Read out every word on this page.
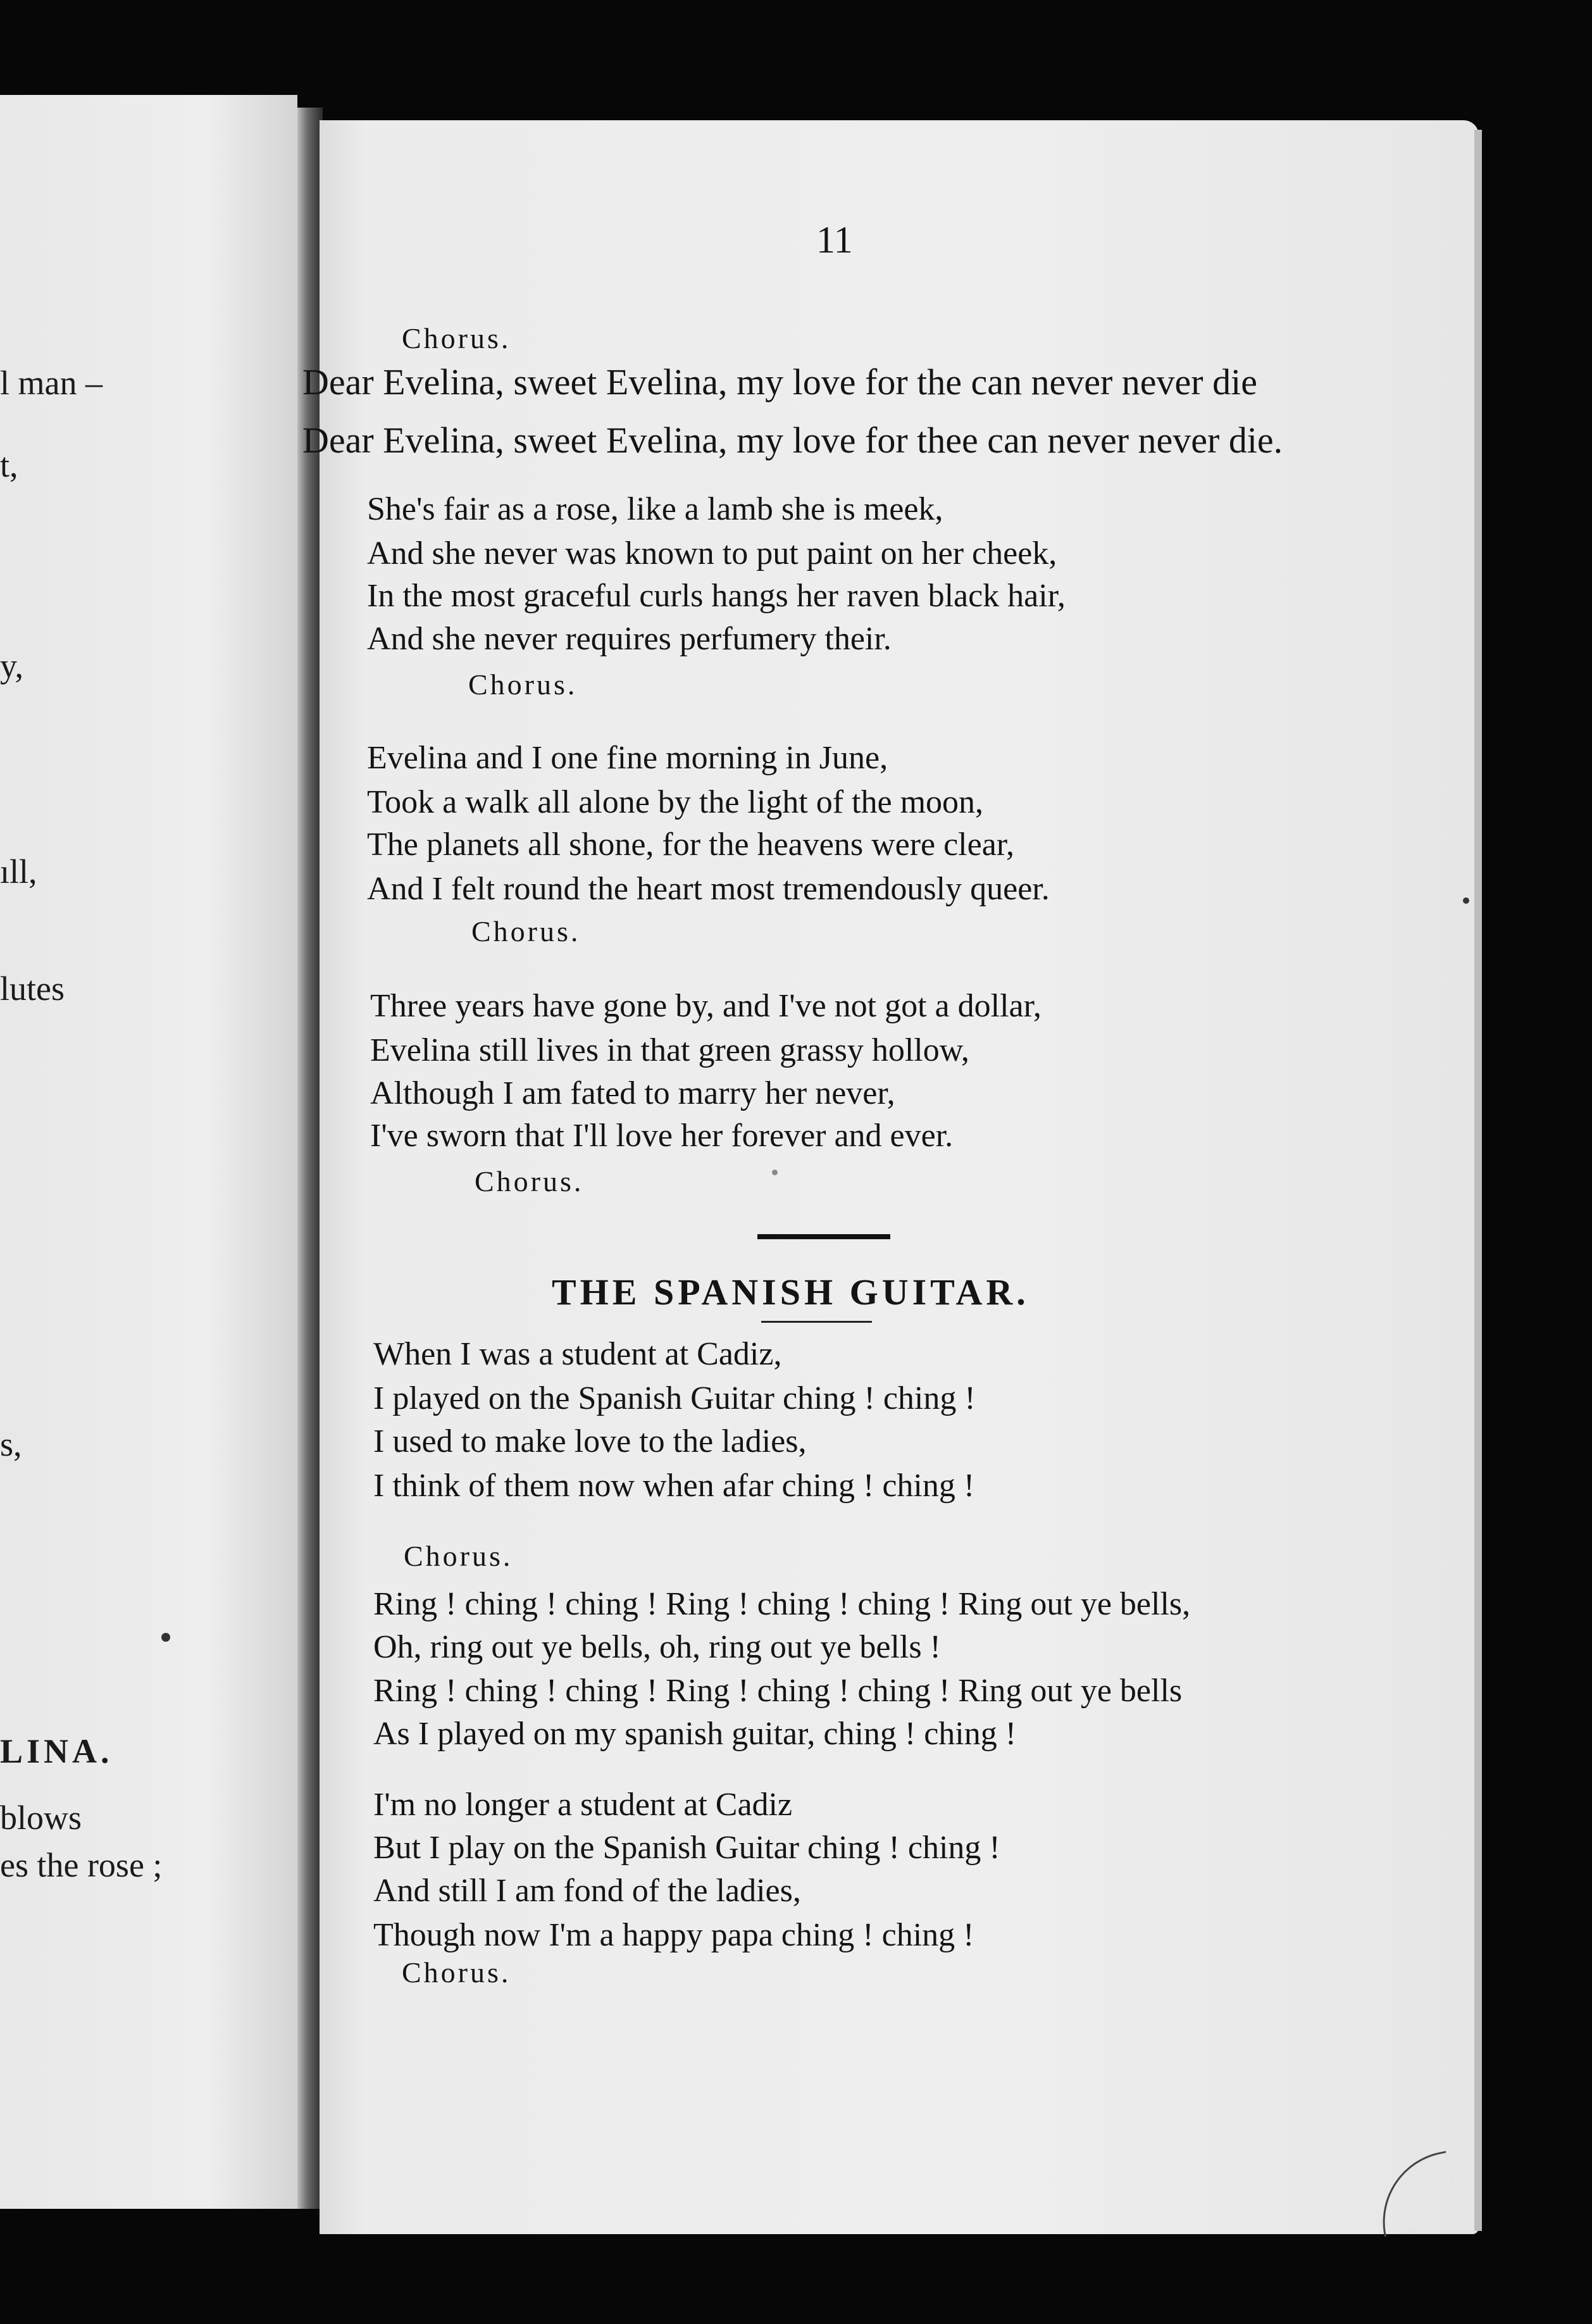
l man –
t,
y,
ıll,
lutes
s,
LINA.
blows
es the rose ;
11
Chorus.
Dear Evelina, sweet Evelina, my love for the can never never die
Dear Evelina, sweet Evelina, my love for thee can never never die.
She's fair as a rose, like a lamb she is meek,
And she never was known to put paint on her cheek,
In the most graceful curls hangs her raven black hair,
And she never requires perfumery their.
Chorus.
Evelina and I one fine morning in June,
Took a walk all alone by the light of the moon,
The planets all shone, for the heavens were clear,
And I felt round the heart most tremendously queer.
Chorus.
Three years have gone by, and I've not got a dollar,
Evelina still lives in that green grassy hollow,
Although I am fated to marry her never,
I've sworn that I'll love her forever and ever.
Chorus.
THE SPANISH GUITAR.
When I was a student at Cadiz,
I played on the Spanish Guitar ching ! ching !
I used to make love to the ladies,
I think of them now when afar ching ! ching !
Chorus.
Ring ! ching ! ching ! Ring ! ching ! ching ! Ring out ye bells,
Oh, ring out ye bells, oh, ring out ye bells !
Ring ! ching ! ching ! Ring ! ching ! ching ! Ring out ye bells
As I played on my spanish guitar, ching ! ching !
I'm no longer a student at Cadiz
But I play on the Spanish Guitar ching ! ching !
And still I am fond of the ladies,
Though now I'm a happy papa ching ! ching !
Chorus.
